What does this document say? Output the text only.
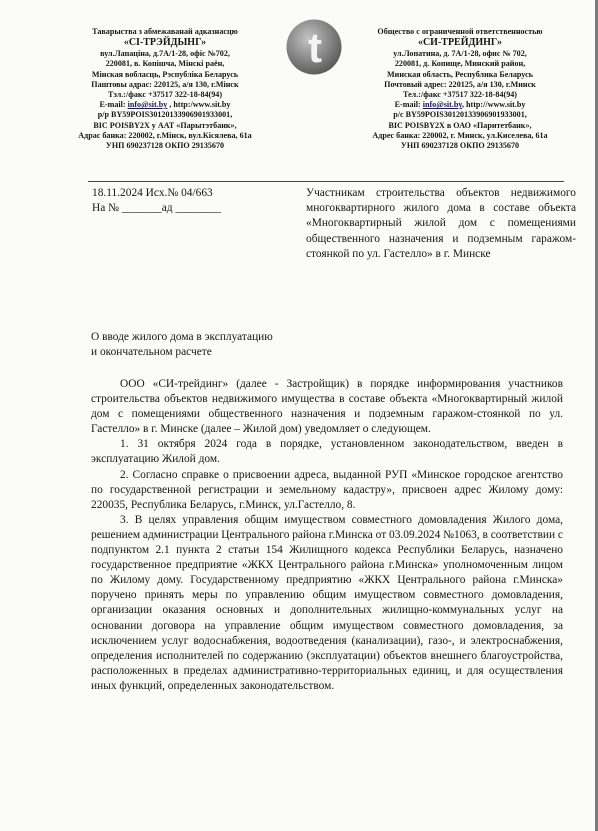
Таварыства з абмежаванай адказнасцю
«СІ-ТРЭЙДЫНГ»
вул.Лапаціна, д.7А/1-28, офіс №702,
220081, в. Копішча, Мінскі раён,
Мінская вобласць, Рэспубліка Беларусь
Паштовы адрас: 220125, а/я 130, г.Мінск
Тэл.:/факс +37517 322-18-84(94)
E-mail: info@sit.by , http:/www.sit.by
р/р BY59POIS30120133906901933001,
BIC POISBY2X у ААТ «Парытэтбанк»,
Адрас банка: 220002, г.Мінск, вул.Кісялева, 61а
УНП 690237128 ОКПО 29135670
t	Общество с ограниченной ответственностью
«СИ-ТРЕЙДИНГ»
ул.Лопатина, д. 7А/1-28, офис № 702,
220081, д. Копище, Минский район,
Минская область, Республика Беларусь
Почтовый адрес: 220125, а/я 130, г.Минск
Тел.:/факс +37517 322-18-84(94)
E-mail: info@sit.by, http://www.sit.by
р/с BY59POIS30120133906901933001,
BIC POISBY2X в ОАО «Паритетбанк»,
Адрес банка: 220002, г. Минск, ул.Киселева, 61а
УНП 690237128 ОКПО 29135670
18.11.2024 Исх.№ 04/663
На № _______ад ________
Участникам строительства объектов недвижимого многоквартирного жилого дома в составе объекта «Многоквартирный жилой дом с помещениями общественного назначения и подземным гаражом-стоянкой по ул. Гастелло» в г. Минске
О вводе жилого дома в эксплуатацию
и окончательном расчете

ООО «СИ-трейдинг» (далее - Застройщик) в порядке информирования участников строительства объектов недвижимого имущества в составе объекта «Многоквартирный жилой дом с помещениями общественного назначения и подземным гаражом-стоянкой по ул. Гастелло» в г. Минске (далее – Жилой дом) уведомляет о следующем.

1. 31 октября 2024 года в порядке, установленном законодательством, введен в эксплуатацию Жилой дом.

2. Согласно справке о присвоении адреса, выданной РУП «Минское городское агентство по государственной регистрации и земельному кадастру», присвоен адрес Жилому дому: 220035, Республика Беларусь, г.Минск, ул.Гастелло, 8.

3. В целях управления общим имуществом совместного домовладения Жилого дома, решением администрации Центрального района г.Минска от 03.09.2024 №1063, в соответствии с подпунктом 2.1 пункта 2 статьи 154 Жилищного кодекса Республики Беларусь, назначено государственное предприятие «ЖКХ Центрального района г.Минска» уполномоченным лицом по Жилому дому. Государственному предприятию «ЖКХ Центрального района г.Минска» поручено принять меры по управлению общим имуществом совместного домовладения, организации оказания основных и дополнительных жилищно-коммунальных услуг на основании договора на управление общим имуществом совместного домовладения, за исключением услуг водоснабжения, водоотведения (канализации), газо-, и электроснабжения, определения исполнителей по содержанию (эксплуатации) объектов внешнего благоустройства, расположенных в пределах административно-территориальных единиц, и для осуществления иных функций, определенных законодательством.
